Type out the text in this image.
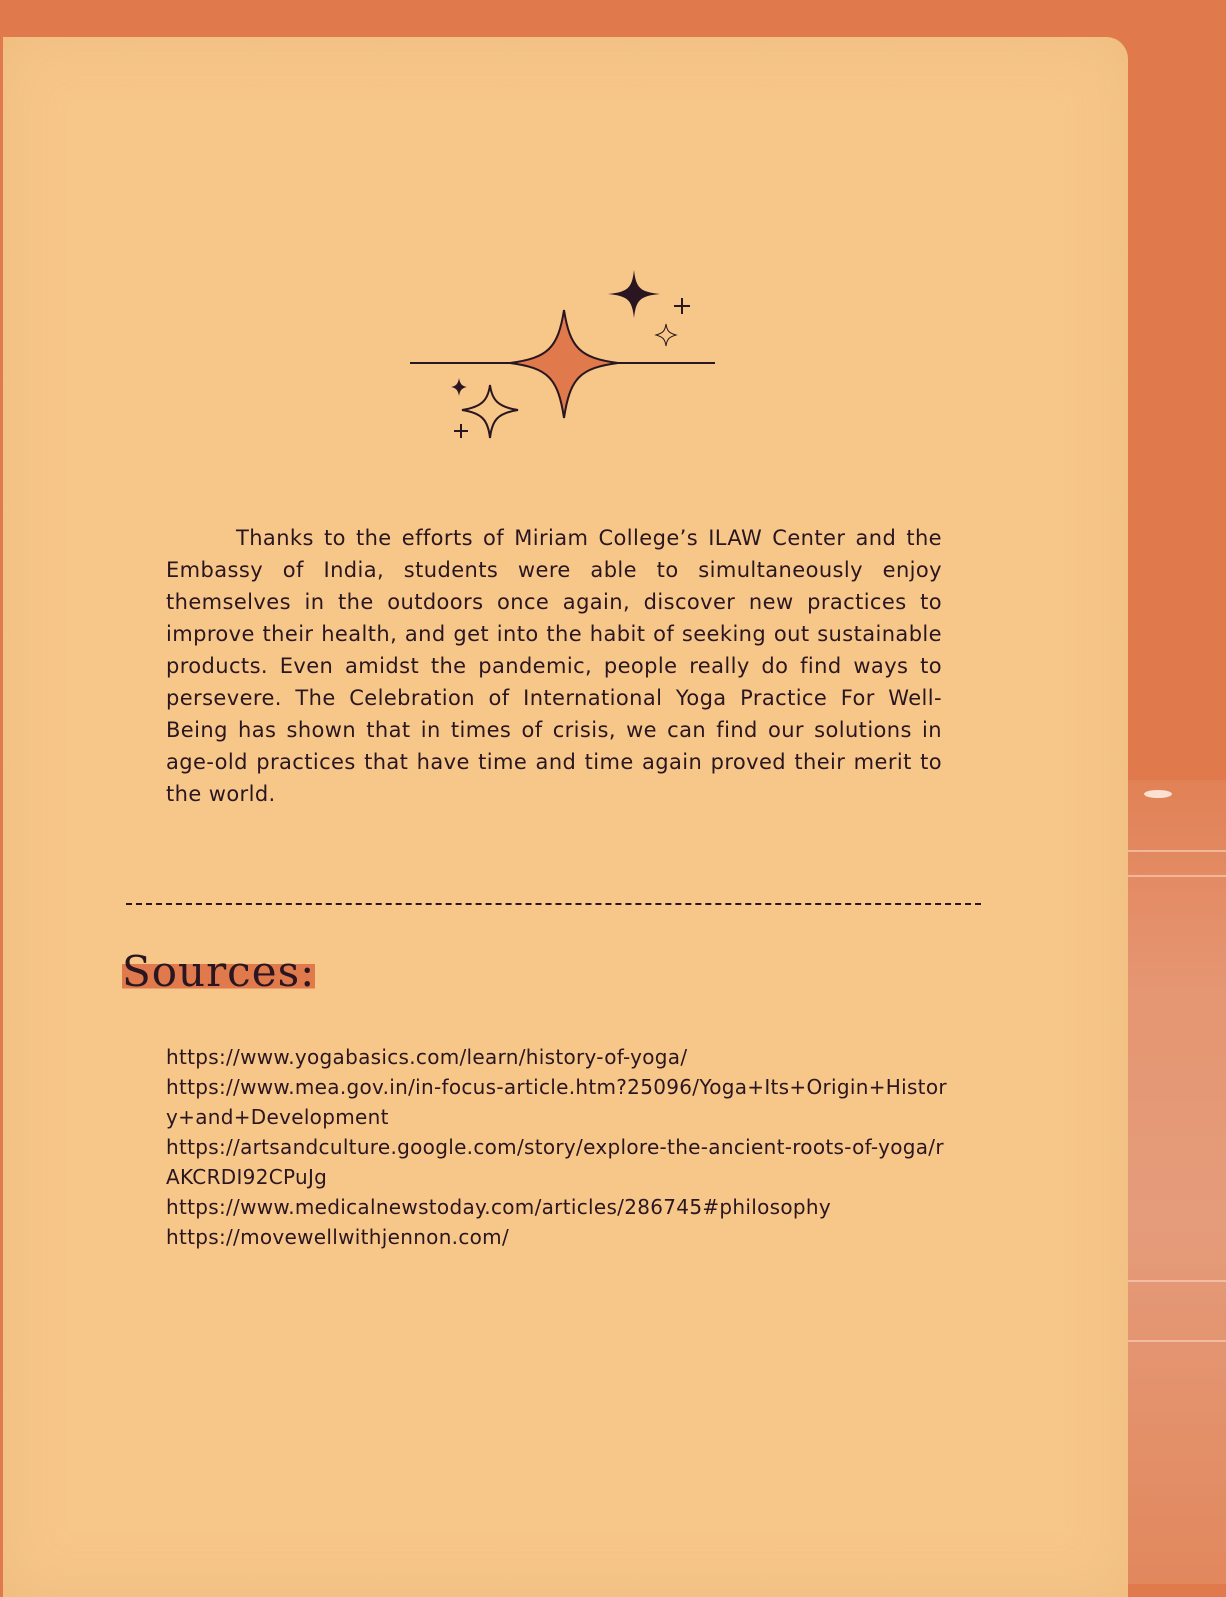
Thanks to the efforts of Miriam College’s ILAW Center and the Embassy of India, students were able to simultaneously enjoy themselves in the outdoors once again, discover new practices to improve their health, and get into the habit of seeking out sustainable products. Even amidst the pandemic, people really do find ways to persevere. The Celebration of International Yoga Practice For Well-Being has shown that in times of crisis, we can find our solutions in age-old practices that have time and time again proved their merit to the world.

Sources:
https://www.yogabasics.com/learn/history-of-yoga/
https://www.mea.gov.in/in-focus-article.htm?25096/Yoga+Its+Origin+History+and+Development
https://artsandculture.google.com/story/explore-the-ancient-roots-of-yoga/rAKCRDI92CPuJg
https://www.medicalnewstoday.com/articles/286745#philosophy
https://movewellwithjennon.com/
